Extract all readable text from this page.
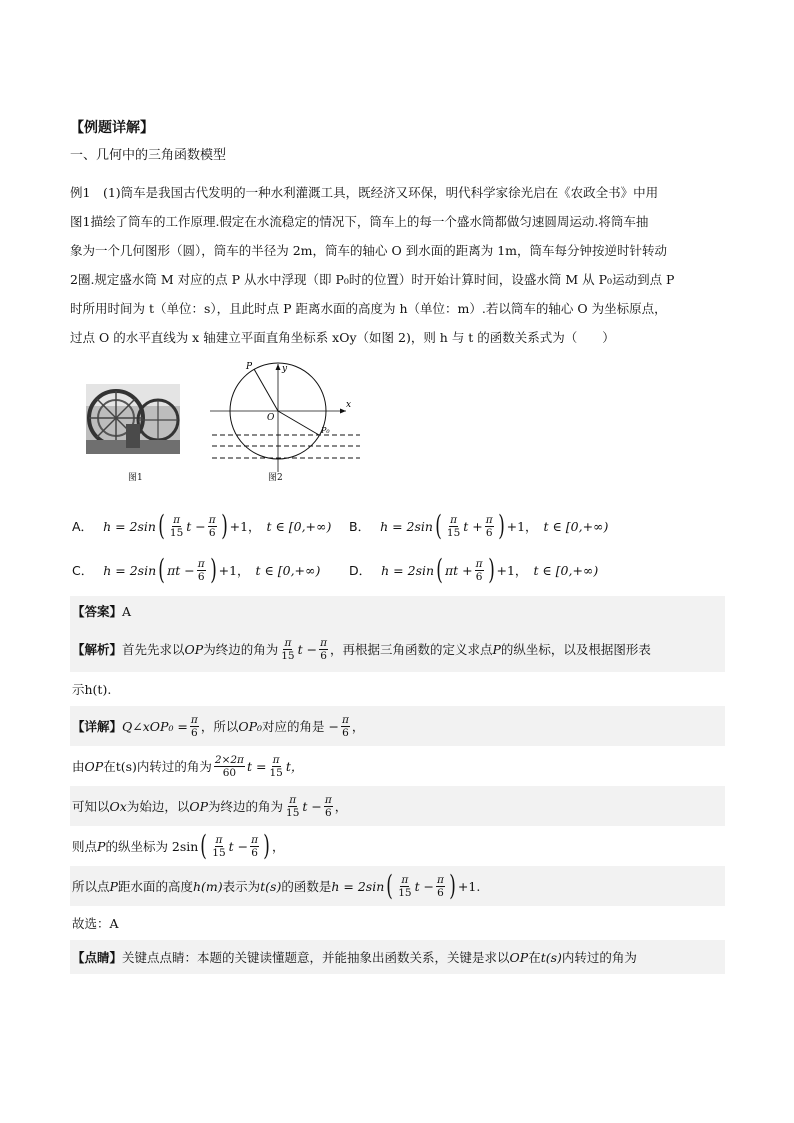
【例题详解】
一、几何中的三角函数模型

例1　(1)筒车是我国古代发明的一种水利灌溉工具，既经济又环保，明代科学家徐光启在《农政全书》中用

图1描绘了筒车的工作原理.假定在水流稳定的情况下，筒车上的每一个盛水筒都做匀速圆周运动.将筒车抽

象为一个几何图形（圆），筒车的半径为 2m，筒车的轴心 O 到水面的距离为 1m，筒车每分钟按逆时针转动

2圈.规定盛水筒 M 对应的点 P 从水中浮现（即 P₀时的位置）时开始计算时间，设盛水筒 M 从 P₀运动到点 P

时所用时间为 t（单位：s），且此时点 P 距离水面的高度为 h（单位：m）.若以筒车的轴心 O 为坐标原点，

过点 O 的水平直线为 x 轴建立平面直角坐标系 xOy（如图 2)，则 h 与 t 的函数关系式为（　　）

图1
P	y
O
x
P₀
图2
A． h = 2sin ( $\frac{\pi}{15}$ $t - \frac{\pi}{6}$ ) +1， t ∈ [0,+∞) B． h = 2sin ( $\frac{\pi}{15}$ $t + \frac{\pi}{6}$ ) +1， t ∈ [0,+∞)
C． h = 2sin ( $\pi t - \frac{\pi}{6}$ ) +1， t ∈ [0,+∞) D． h = 2sin ( $\pi t + \frac{\pi}{6}$ ) +1， t ∈ [0,+∞)
【答案】 A
【解析】 首先先求以 OP 为终边的角为 $\frac{\pi}{15}$ $t - \frac{\pi}{6}$ ，再根据三角函数的定义求点 P 的纵坐标，以及根据图形表
示h(t).
【详解】 Q∠xOP₀ = $\frac{\pi}{6}$ ，所以 OP₀ 对应的角是 − $\frac{\pi}{6}$ ，
由 OP 在t(s)内转过的角为 $\frac{2\times 2\pi}{60}$ $t = \frac{\pi}{15}$ t，
可知以 Ox 为始边，以 OP 为终边的角为 $\frac{\pi}{15}$ $t - \frac{\pi}{6}$ ，
则点 P 的纵坐标为 2sin ( $\frac{\pi}{15}$ $t - \frac{\pi}{6}$ ) ，
所以点 P 距水面的高度 h(m) 表示为 t(s) 的函数是 h = 2sin ( $\frac{\pi}{15}$ $t - \frac{\pi}{6}$ ) +1.
故选：A
【点睛】 关键点点睛：本题的关键读懂题意，并能抽象出函数关系，关键是求以 OP 在 t(s) 内转过的角为
